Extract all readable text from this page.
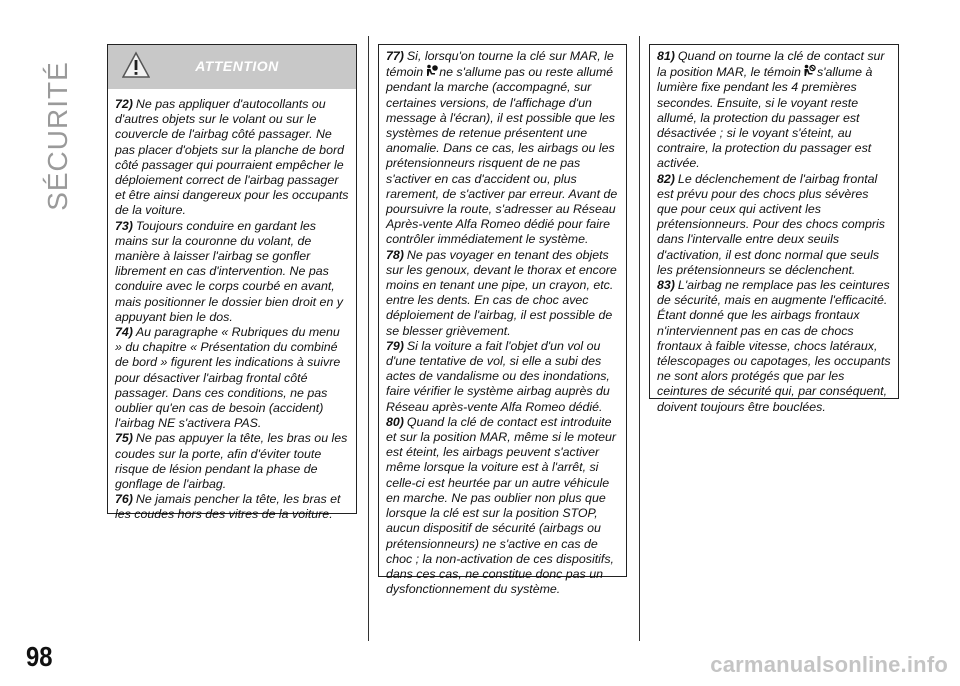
SÉCURITÉ	ATTENTION

72) Ne pas appliquer d'autocollants ou d'autres objets sur le volant ou sur le couvercle de l'airbag côté passager. Ne pas placer d'objets sur la planche de bord côté passager qui pourraient empêcher le déploiement correct de l'airbag passager et être ainsi dangereux pour les occupants de la voiture.

73) Toujours conduire en gardant les mains sur la couronne du volant, de manière à laisser l'airbag se gonfler librement en cas d'intervention. Ne pas conduire avec le corps courbé en avant, mais positionner le dossier bien droit en y appuyant bien le dos.

74) Au paragraphe « Rubriques du menu » du chapitre « Présentation du combiné de bord » figurent les indications à suivre pour désactiver l'airbag frontal côté passager. Dans ces conditions, ne pas oublier qu'en cas de besoin (accident) l'airbag NE s'activera PAS.

75) Ne pas appuyer la tête, les bras ou les coudes sur la porte, afin d'éviter toute risque de lésion pendant la phase de gonflage de l'airbag.

76) Ne jamais pencher la tête, les bras et les coudes hors des vitres de la voiture.

77) Si, lorsqu'on tourne la clé sur MAR, le témoin ne s'allume pas ou reste allumé pendant la marche (accompagné, sur certaines versions, de l'affichage d'un message à l'écran), il est possible que les systèmes de retenue présentent une anomalie. Dans ce cas, les airbags ou les prétensionneurs risquent de ne pas s'activer en cas d'accident ou, plus rarement, de s'activer par erreur. Avant de poursuivre la route, s'adresser au Réseau Après-vente Alfa Romeo dédié pour faire contrôler immédiatement le système.

78) Ne pas voyager en tenant des objets sur les genoux, devant le thorax et encore moins en tenant une pipe, un crayon, etc. entre les dents. En cas de choc avec déploiement de l'airbag, il est possible de se blesser grièvement.

79) Si la voiture a fait l'objet d'un vol ou d'une tentative de vol, si elle a subi des actes de vandalisme ou des inondations, faire vérifier le système airbag auprès du Réseau après-vente Alfa Romeo dédié.

80) Quand la clé de contact est introduite et sur la position MAR, même si le moteur est éteint, les airbags peuvent s'activer même lorsque la voiture est à l'arrêt, si celle-ci est heurtée par un autre véhicule en marche. Ne pas oublier non plus que lorsque la clé est sur la position STOP, aucun dispositif de sécurité (airbags ou prétensionneurs) ne s'active en cas de choc ; la non-activation de ces dispositifs, dans ces cas, ne constitue donc pas un dysfonctionnement du système.

81) Quand on tourne la clé de contact sur la position MAR, le témoin s'allume à lumière fixe pendant les 4 premières secondes. Ensuite, si le voyant reste allumé, la protection du passager est désactivée ; si le voyant s'éteint, au contraire, la protection du passager est activée.

82) Le déclenchement de l'airbag frontal est prévu pour des chocs plus sévères que pour ceux qui activent les prétensionneurs. Pour des chocs compris dans l'intervalle entre deux seuils d'activation, il est donc normal que seuls les prétensionneurs se déclenchent.

83) L'airbag ne remplace pas les ceintures de sécurité, mais en augmente l'efficacité. Étant donné que les airbags frontaux n'interviennent pas en cas de chocs frontaux à faible vitesse, chocs latéraux, télescopages ou capotages, les occupants ne sont alors protégés que par les ceintures de sécurité qui, par conséquent, doivent toujours être bouclées.

98	carmanualsonline.info
